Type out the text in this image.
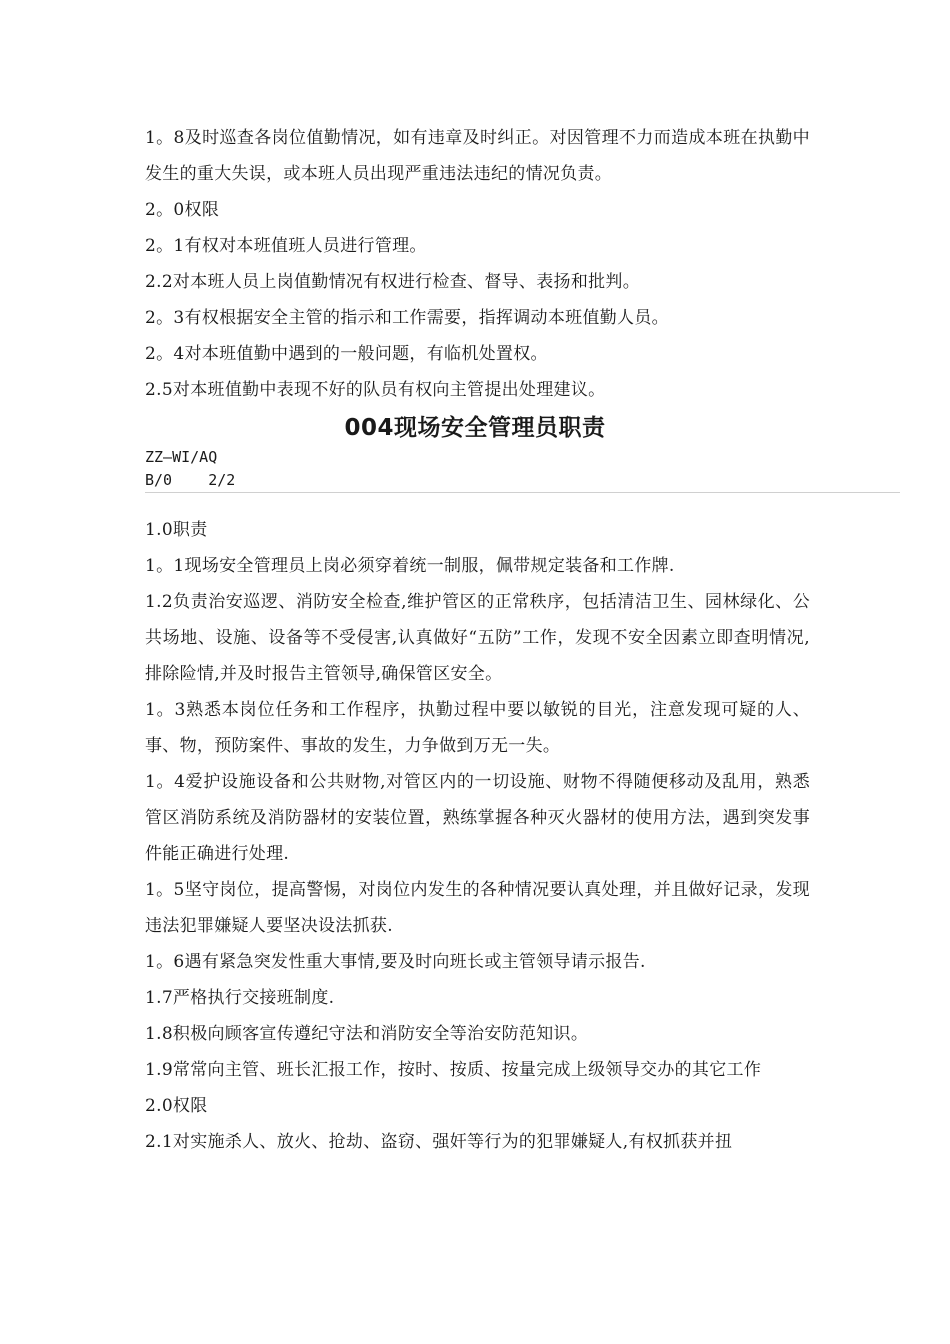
1。8及时巡查各岗位值勤情况，如有违章及时纠正。对因管理不力而造成本班在执勤中发生的重大失误，或本班人员出现严重违法违纪的情况负责。

2。0权限

2。1有权对本班值班人员进行管理。

2.2对本班人员上岗值勤情况有权进行检查、督导、表扬和批判。

2。3有权根据安全主管的指示和工作需要，指挥调动本班值勤人员。

2。4对本班值勤中遇到的一般问题，有临机处置权。

2.5对本班值勤中表现不好的队员有权向主管提出处理建议。

004现场安全管理员职责
ZZ—WI/AQ
B/0    2/2

1.0职责

1。1现场安全管理员上岗必须穿着统一制服，佩带规定装备和工作牌.

1.2负责治安巡逻、消防安全检查,维护管区的正常秩序，包括清洁卫生、园林绿化、公共场地、设施、设备等不受侵害,认真做好“五防”工作，发现不安全因素立即查明情况,排除险情,并及时报告主管领导,确保管区安全。

1。3熟悉本岗位任务和工作程序，执勤过程中要以敏锐的目光，注意发现可疑的人、事、物，预防案件、事故的发生，力争做到万无一失。

1。4爱护设施设备和公共财物,对管区内的一切设施、财物不得随便移动及乱用，熟悉管区消防系统及消防器材的安装位置，熟练掌握各种灭火器材的使用方法，遇到突发事件能正确进行处理.

1。5坚守岗位，提高警惕，对岗位内发生的各种情况要认真处理，并且做好记录，发现违法犯罪嫌疑人要坚决设法抓获.

1。6遇有紧急突发性重大事情,要及时向班长或主管领导请示报告.

1.7严格执行交接班制度.

1.8积极向顾客宣传遵纪守法和消防安全等治安防范知识。

1.9常常向主管、班长汇报工作，按时、按质、按量完成上级领导交办的其它工作

2.0权限

2.1对实施杀人、放火、抢劫、盗窃、强奸等行为的犯罪嫌疑人,有权抓获并扭
